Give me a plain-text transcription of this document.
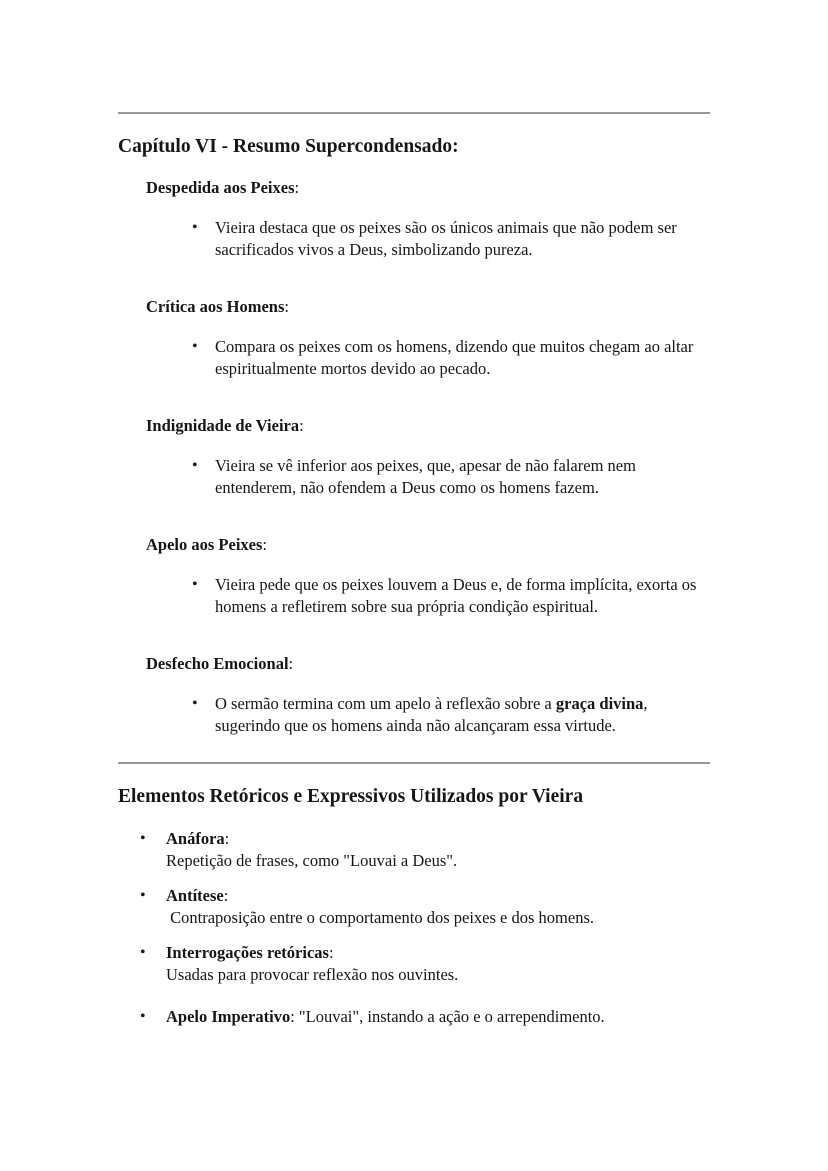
Capítulo VI - Resumo Supercondensado:
Despedida aos Peixes:
• Vieira destaca que os peixes são os únicos animais que não podem ser sacrificados vivos a Deus, simbolizando pureza.
Crítica aos Homens:
• Compara os peixes com os homens, dizendo que muitos chegam ao altar espiritualmente mortos devido ao pecado.
Indignidade de Vieira:
• Vieira se vê inferior aos peixes, que, apesar de não falarem nem entenderem, não ofendem a Deus como os homens fazem.
Apelo aos Peixes:
• Vieira pede que os peixes louvem a Deus e, de forma implícita, exorta os homens a refletirem sobre sua própria condição espiritual.
Desfecho Emocional:
• O sermão termina com um apelo à reflexão sobre a graça divina, sugerindo que os homens ainda não alcançaram essa virtude.
Elementos Retóricos e Expressivos Utilizados por Vieira
• Anáfora:
Repetição de frases, como "Louvai a Deus".
• Antítese:
Contraposição entre o comportamento dos peixes e dos homens.
• Interrogações retóricas:
Usadas para provocar reflexão nos ouvintes.
• Apelo Imperativo: "Louvai", instando a ação e o arrependimento.
